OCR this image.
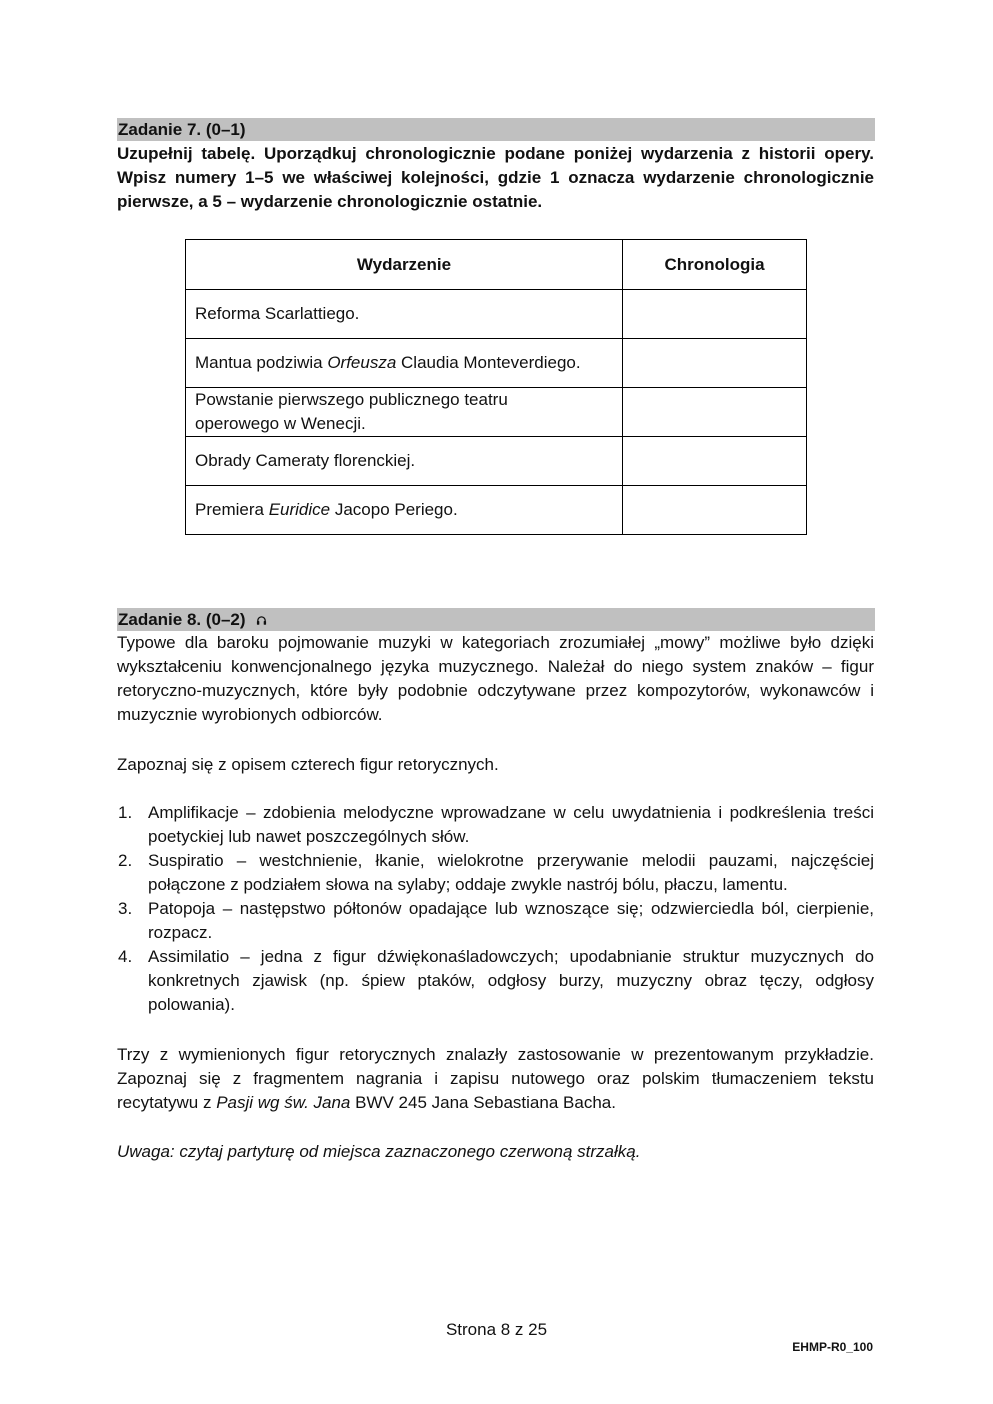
Zadanie 7. (0–1)

Uzupełnij tabelę. Uporządkuj chronologicznie podane poniżej wydarzenia z historii opery. Wpisz numery 1–5 we właściwej kolejności, gdzie 1 oznacza wydarzenie chronologicznie pierwsze, a 5 – wydarzenie chronologicznie ostatnie.

Wydarzenie	Chronologia
Reforma Scarlattiego.	
Mantua podziwia Orfeusza Claudia Monteverdiego.	

Powstanie pierwszego publicznego teatru operowego w Wenecji.	

Obrady Cameraty florenckiej.	
Premiera Euridice Jacopo Periego.	
Zadanie 8. (0–2)

Typowe dla baroku pojmowanie muzyki w kategoriach zrozumiałej „mowy” możliwe było dzięki wykształceniu konwencjonalnego języka muzycznego. Należał do niego system znaków – figur retoryczno-muzycznych, które były podobnie odczytywane przez kompozytorów, wykonawców i muzycznie wyrobionych odbiorców.

Zapoznaj się z opisem czterech figur retorycznych.

1. Amplifikacje – zdobienia melodyczne wprowadzane w celu uwydatnienia i podkreślenia treści poetyckiej lub nawet poszczególnych słów.
2. Suspiratio – westchnienie, łkanie, wielokrotne przerywanie melodii pauzami, najczęściej połączone z podziałem słowa na sylaby; oddaje zwykle nastrój bólu, płaczu, lamentu.
3. Patopoja – następstwo półtonów opadające lub wznoszące się; odzwierciedla ból, cierpienie, rozpacz.
4. Assimilatio – jedna z figur dźwiękonaśladowczych; upodabnianie struktur muzycznych do konkretnych zjawisk (np. śpiew ptaków, odgłosy burzy, muzyczny obraz tęczy, odgłosy polowania).

Trzy z wymienionych figur retorycznych znalazły zastosowanie w prezentowanym przykładzie. Zapoznaj się z fragmentem nagrania i zapisu nutowego oraz polskim tłumaczeniem tekstu recytatywu z Pasji wg św. Jana BWV 245 Jana Sebastiana Bacha.

Uwaga: czytaj partyturę od miejsca zaznaczonego czerwoną strzałką.

Strona 8 z 25
EHMP-R0_100
